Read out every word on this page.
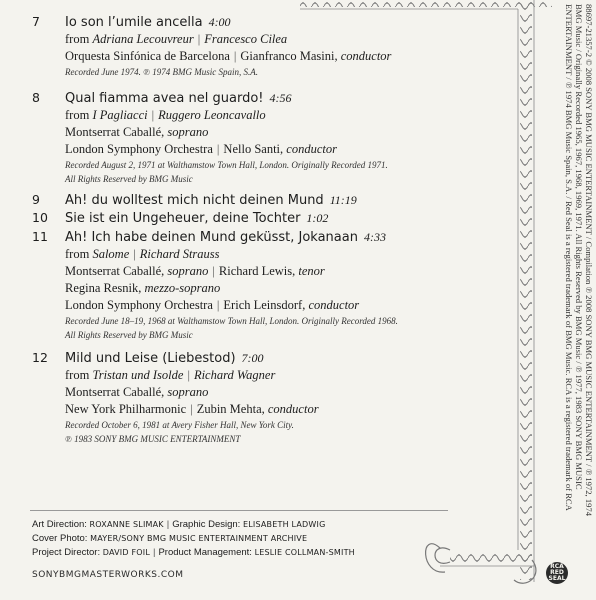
7 Io son l’umile ancella 4:00
from Adriana Lecouvreur | Francesco Cilea
Orquesta Sinfónica de Barcelona | Gianfranco Masini, conductor
Recorded June 1974. ℗ 1974 BMG Music Spain, S.A.
8 Qual fiamma avea nel guardo! 4:56
from I Pagliacci | Ruggero Leoncavallo
Montserrat Caballé, soprano
London Symphony Orchestra | Nello Santi, conductor
Recorded August 2, 1971 at Walthamstow Town Hall, London. Originally Recorded 1971.
All Rights Reserved by BMG Music
9 Ah! du wolltest mich nicht deinen Mund 11:19
10 Sie ist ein Ungeheuer, deine Tochter 1:02
11 Ah! Ich habe deinen Mund geküsst, Jokanaan 4:33
from Salome | Richard Strauss
Montserrat Caballé, soprano | Richard Lewis, tenor
Regina Resnik, mezzo-soprano
London Symphony Orchestra | Erich Leinsdorf, conductor
Recorded June 18–19, 1968 at Walthamstow Town Hall, London. Originally Recorded 1968.
All Rights Reserved by BMG Music
12 Mild und Leise (Liebestod) 7:00
from Tristan und Isolde | Richard Wagner
Montserrat Caballé, soprano
New York Philharmonic | Zubin Mehta, conductor
Recorded October 6, 1981 at Avery Fisher Hall, New York City.
℗ 1983 SONY BMG MUSIC ENTERTAINMENT
Art Direction: ROXANNE SLIMAK | Graphic Design: ELISABETH LADWIG
Cover Photo: MAYER/SONY BMG MUSIC ENTERTAINMENT ARCHIVE
Project Director: DAVID FOIL | Product Management: LESLIE COLLMAN-SMITH
SONYBMGMASTERWORKS.COM
88697-21357-2 © 2008 SONY BMG MUSIC ENTERTAINMENT / Compilation ℗ 2008 SONY BMG MUSIC ENTERTAINMENT / ℗ 1972, 1974
BMG Music / Originally Recorded 1965, 1967, 1968, 1969, 1971. All Rights Reserved by BMG Music / ℗ 1977, 1983 SONY BMG MUSIC
ENTERTAINMENT / ℗ 1974 BMG Music Spain, S.A. / Red Seal is a registered trademark of BMG Music. RCA is a registered trademark of RCA
RCA RED SEAL
